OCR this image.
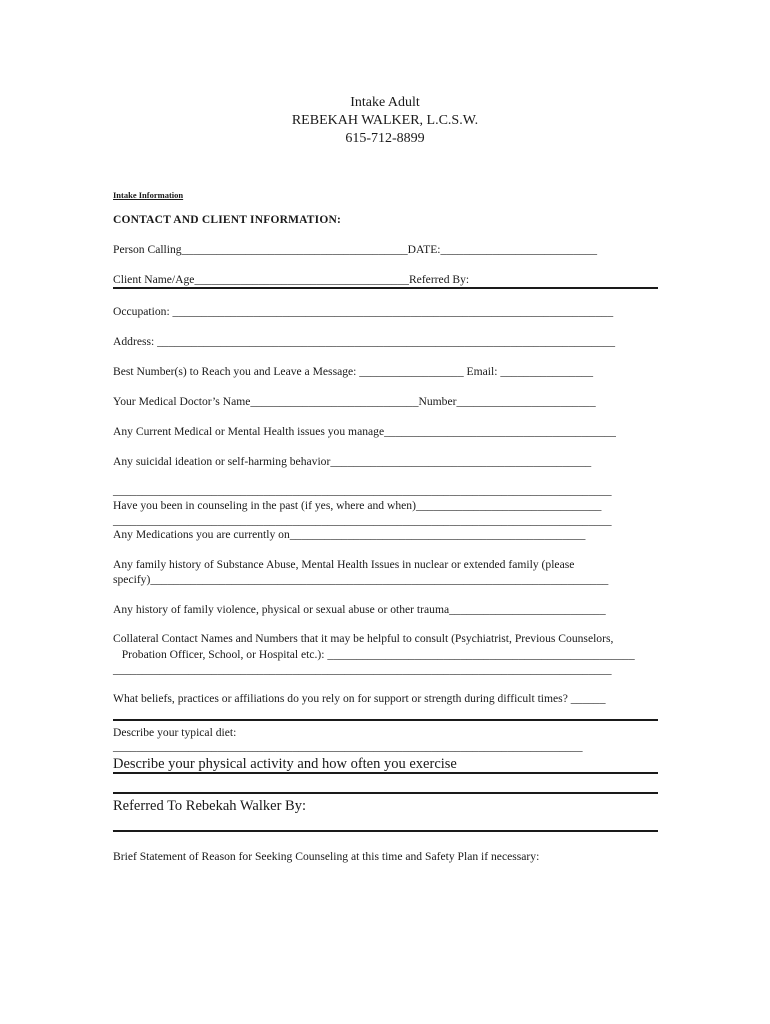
Intake Adult
REBEKAH WALKER, L.C.S.W.
615-712-8899
Intake Information
CONTACT AND CLIENT INFORMATION:
Person Calling_______________________________________DATE:___________________________
Client Name/Age_____________________________________Referred By:
Occupation: ____________________________________________________________________________
Address: _______________________________________________________________________________
Best Number(s) to Reach you and Leave a Message: __________________ Email: ________________
Your Medical Doctor’s Name_____________________________Number________________________
Any Current Medical or Mental Health issues you manage________________________________________
Any suicidal ideation or self-harming behavior_____________________________________________
______________________________________________________________________________________
Have you been in counseling in the past (if yes, where and when)________________________________
______________________________________________________________________________________
Any Medications you are currently on___________________________________________________
Any family history of Substance Abuse, Mental Health Issues in nuclear or extended family (please
specify)_______________________________________________________________________________
Any history of family violence, physical or sexual abuse or other trauma___________________________
Collateral Contact Names and Numbers that it may be helpful to consult (Psychiatrist, Previous Counselors,
Probation Officer, School, or Hospital etc.): _____________________________________________________
______________________________________________________________________________________
What beliefs, practices or affiliations do you rely on for support or strength during difficult times? ______
Describe your typical diet:
_________________________________________________________________________________
Describe your physical activity and how often you exercise
Referred To Rebekah Walker By:
____________________________________________________________
Brief Statement of Reason for Seeking Counseling at this time and Safety Plan if necessary:
